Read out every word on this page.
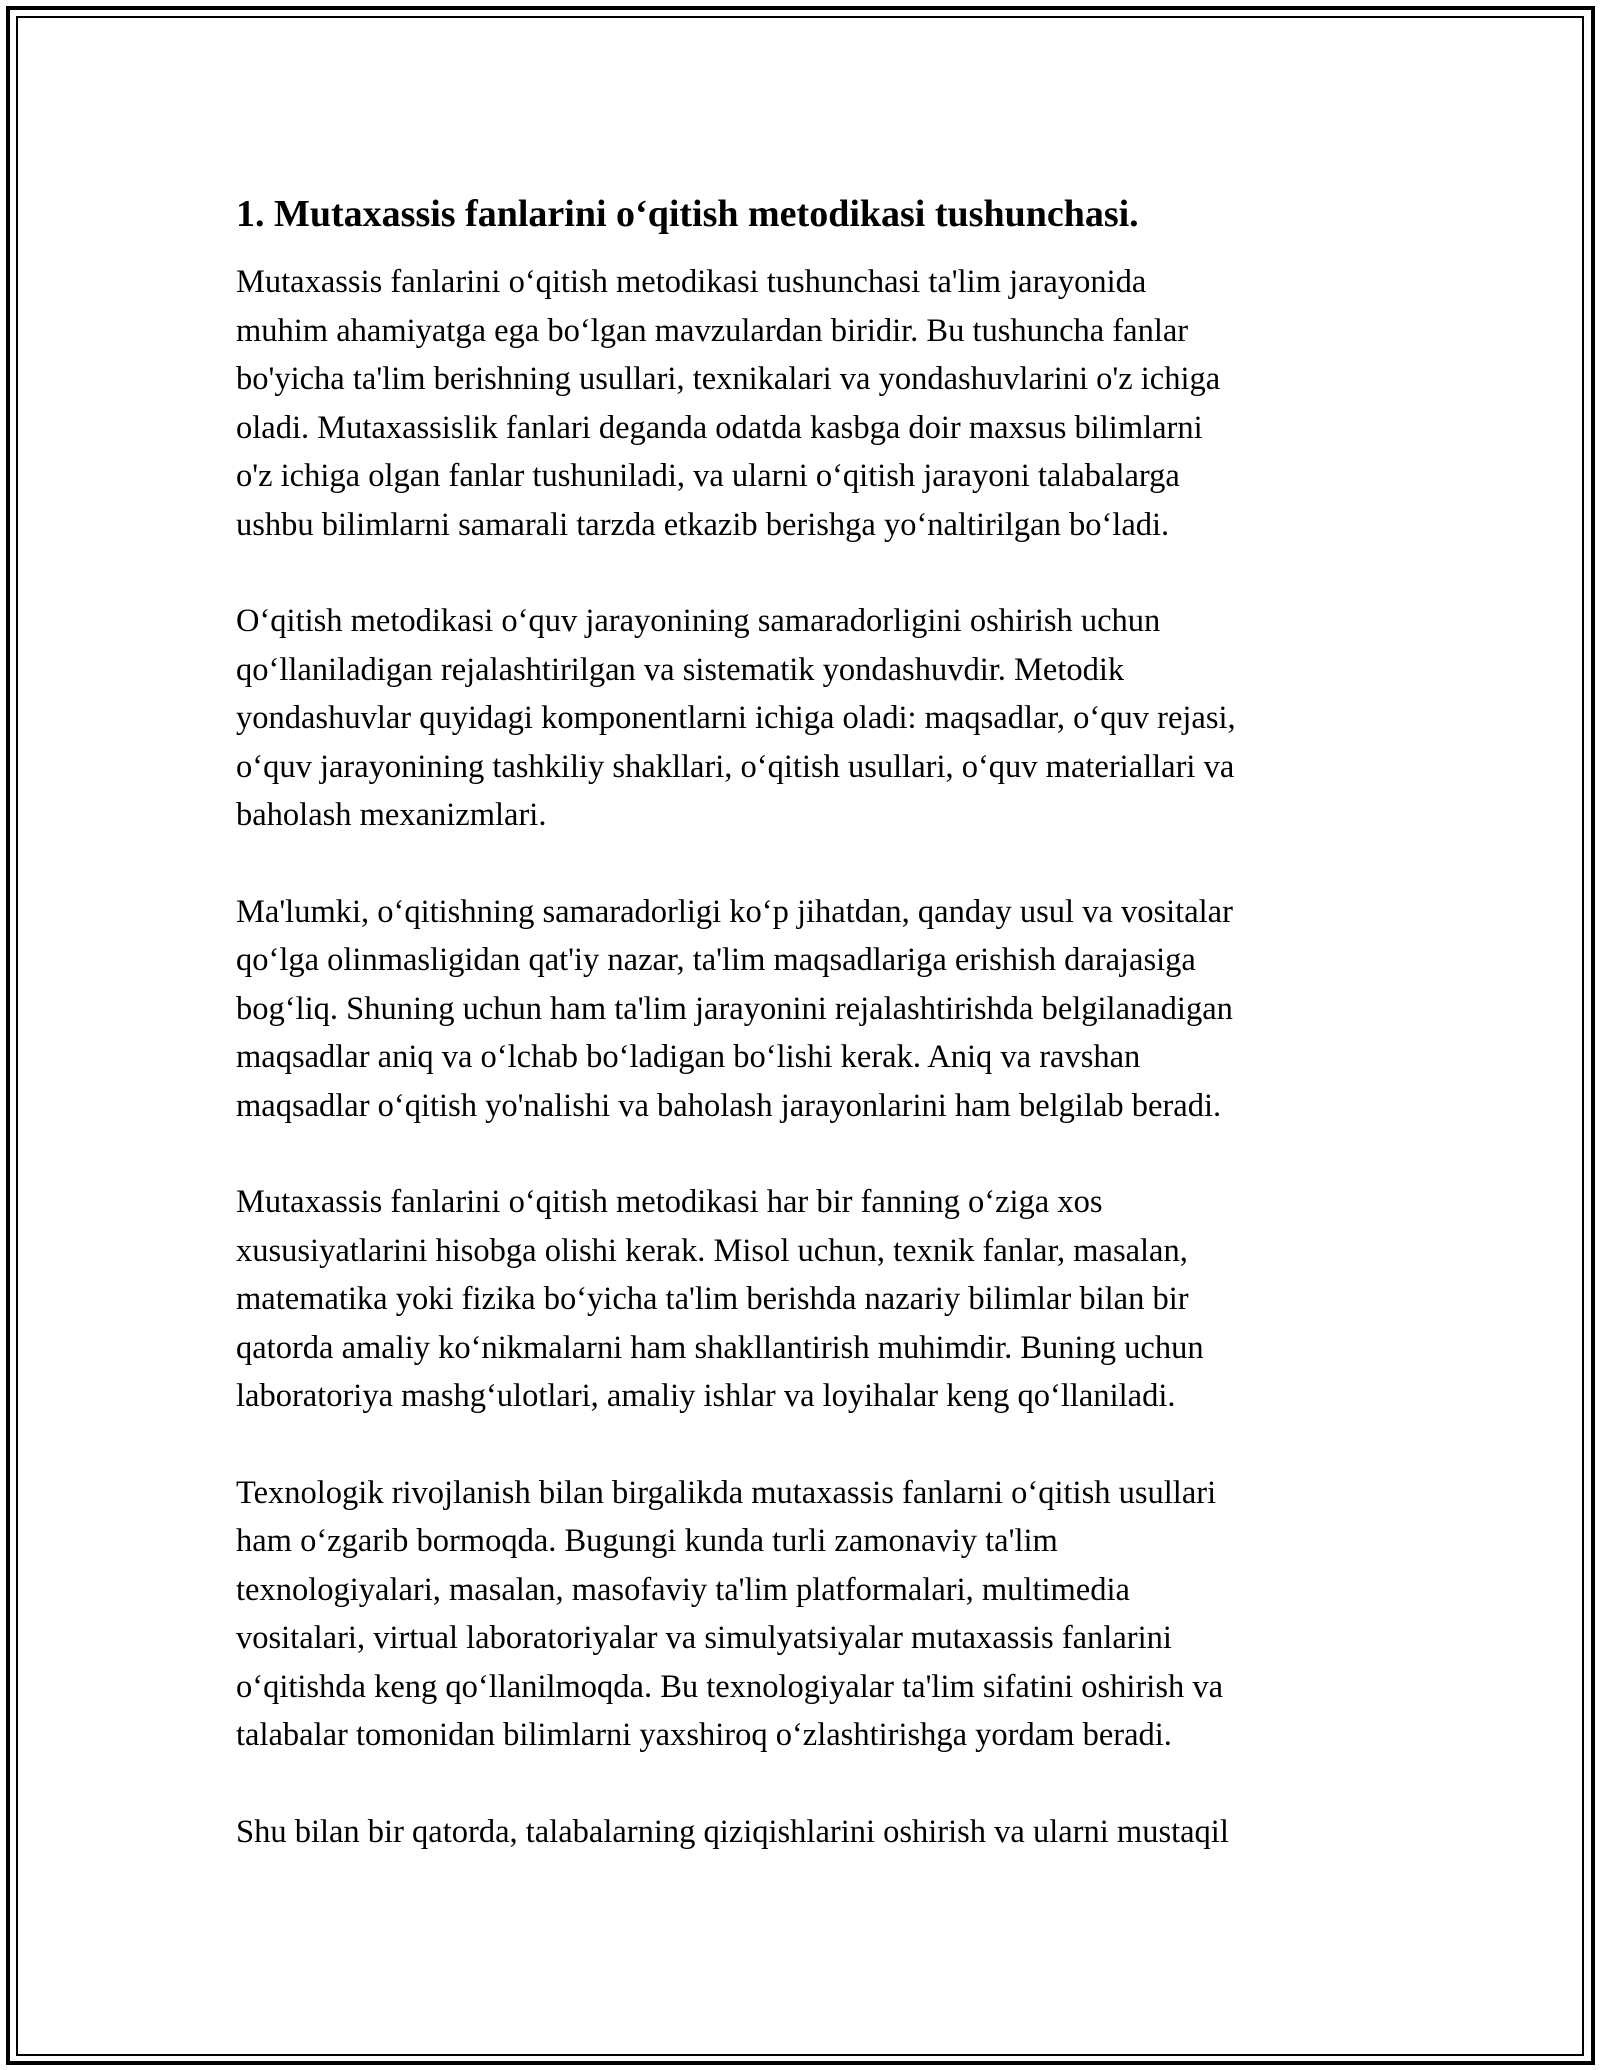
1. Mutaxassis fanlarini o‘qitish metodikasi tushunchasi.

Mutaxassis fanlarini o‘qitish metodikasi tushunchasi ta'lim jarayonida
muhim ahamiyatga ega bo‘lgan mavzulardan biridir. Bu tushuncha fanlar
bo'yicha ta'lim berishning usullari, texnikalari va yondashuvlarini o'z ichiga
oladi. Mutaxassislik fanlari deganda odatda kasbga doir maxsus bilimlarni
o'z ichiga olgan fanlar tushuniladi, va ularni o‘qitish jarayoni talabalarga
ushbu bilimlarni samarali tarzda etkazib berishga yo‘naltirilgan bo‘ladi.

O‘qitish metodikasi o‘quv jarayonining samaradorligini oshirish uchun
qo‘llaniladigan rejalashtirilgan va sistematik yondashuvdir. Metodik
yondashuvlar quyidagi komponentlarni ichiga oladi: maqsadlar, o‘quv rejasi,
o‘quv jarayonining tashkiliy shakllari, o‘qitish usullari, o‘quv materiallari va
baholash mexanizmlari.

Ma'lumki, o‘qitishning samaradorligi ko‘p jihatdan, qanday usul va vositalar
qo‘lga olinmasligidan qat'iy nazar, ta'lim maqsadlariga erishish darajasiga
bog‘liq. Shuning uchun ham ta'lim jarayonini rejalashtirishda belgilanadigan
maqsadlar aniq va o‘lchab bo‘ladigan bo‘lishi kerak. Aniq va ravshan
maqsadlar o‘qitish yo'nalishi va baholash jarayonlarini ham belgilab beradi.

Mutaxassis fanlarini o‘qitish metodikasi har bir fanning o‘ziga xos
xususiyatlarini hisobga olishi kerak. Misol uchun, texnik fanlar, masalan,
matematika yoki fizika bo‘yicha ta'lim berishda nazariy bilimlar bilan bir
qatorda amaliy ko‘nikmalarni ham shakllantirish muhimdir. Buning uchun
laboratoriya mashg‘ulotlari, amaliy ishlar va loyihalar keng qo‘llaniladi.

Texnologik rivojlanish bilan birgalikda mutaxassis fanlarni o‘qitish usullari
ham o‘zgarib bormoqda. Bugungi kunda turli zamonaviy ta'lim
texnologiyalari, masalan, masofaviy ta'lim platformalari, multimedia
vositalari, virtual laboratoriyalar va simulyatsiyalar mutaxassis fanlarini
o‘qitishda keng qo‘llanilmoqda. Bu texnologiyalar ta'lim sifatini oshirish va
talabalar tomonidan bilimlarni yaxshiroq o‘zlashtirishga yordam beradi.

Shu bilan bir qatorda, talabalarning qiziqishlarini oshirish va ularni mustaqil
